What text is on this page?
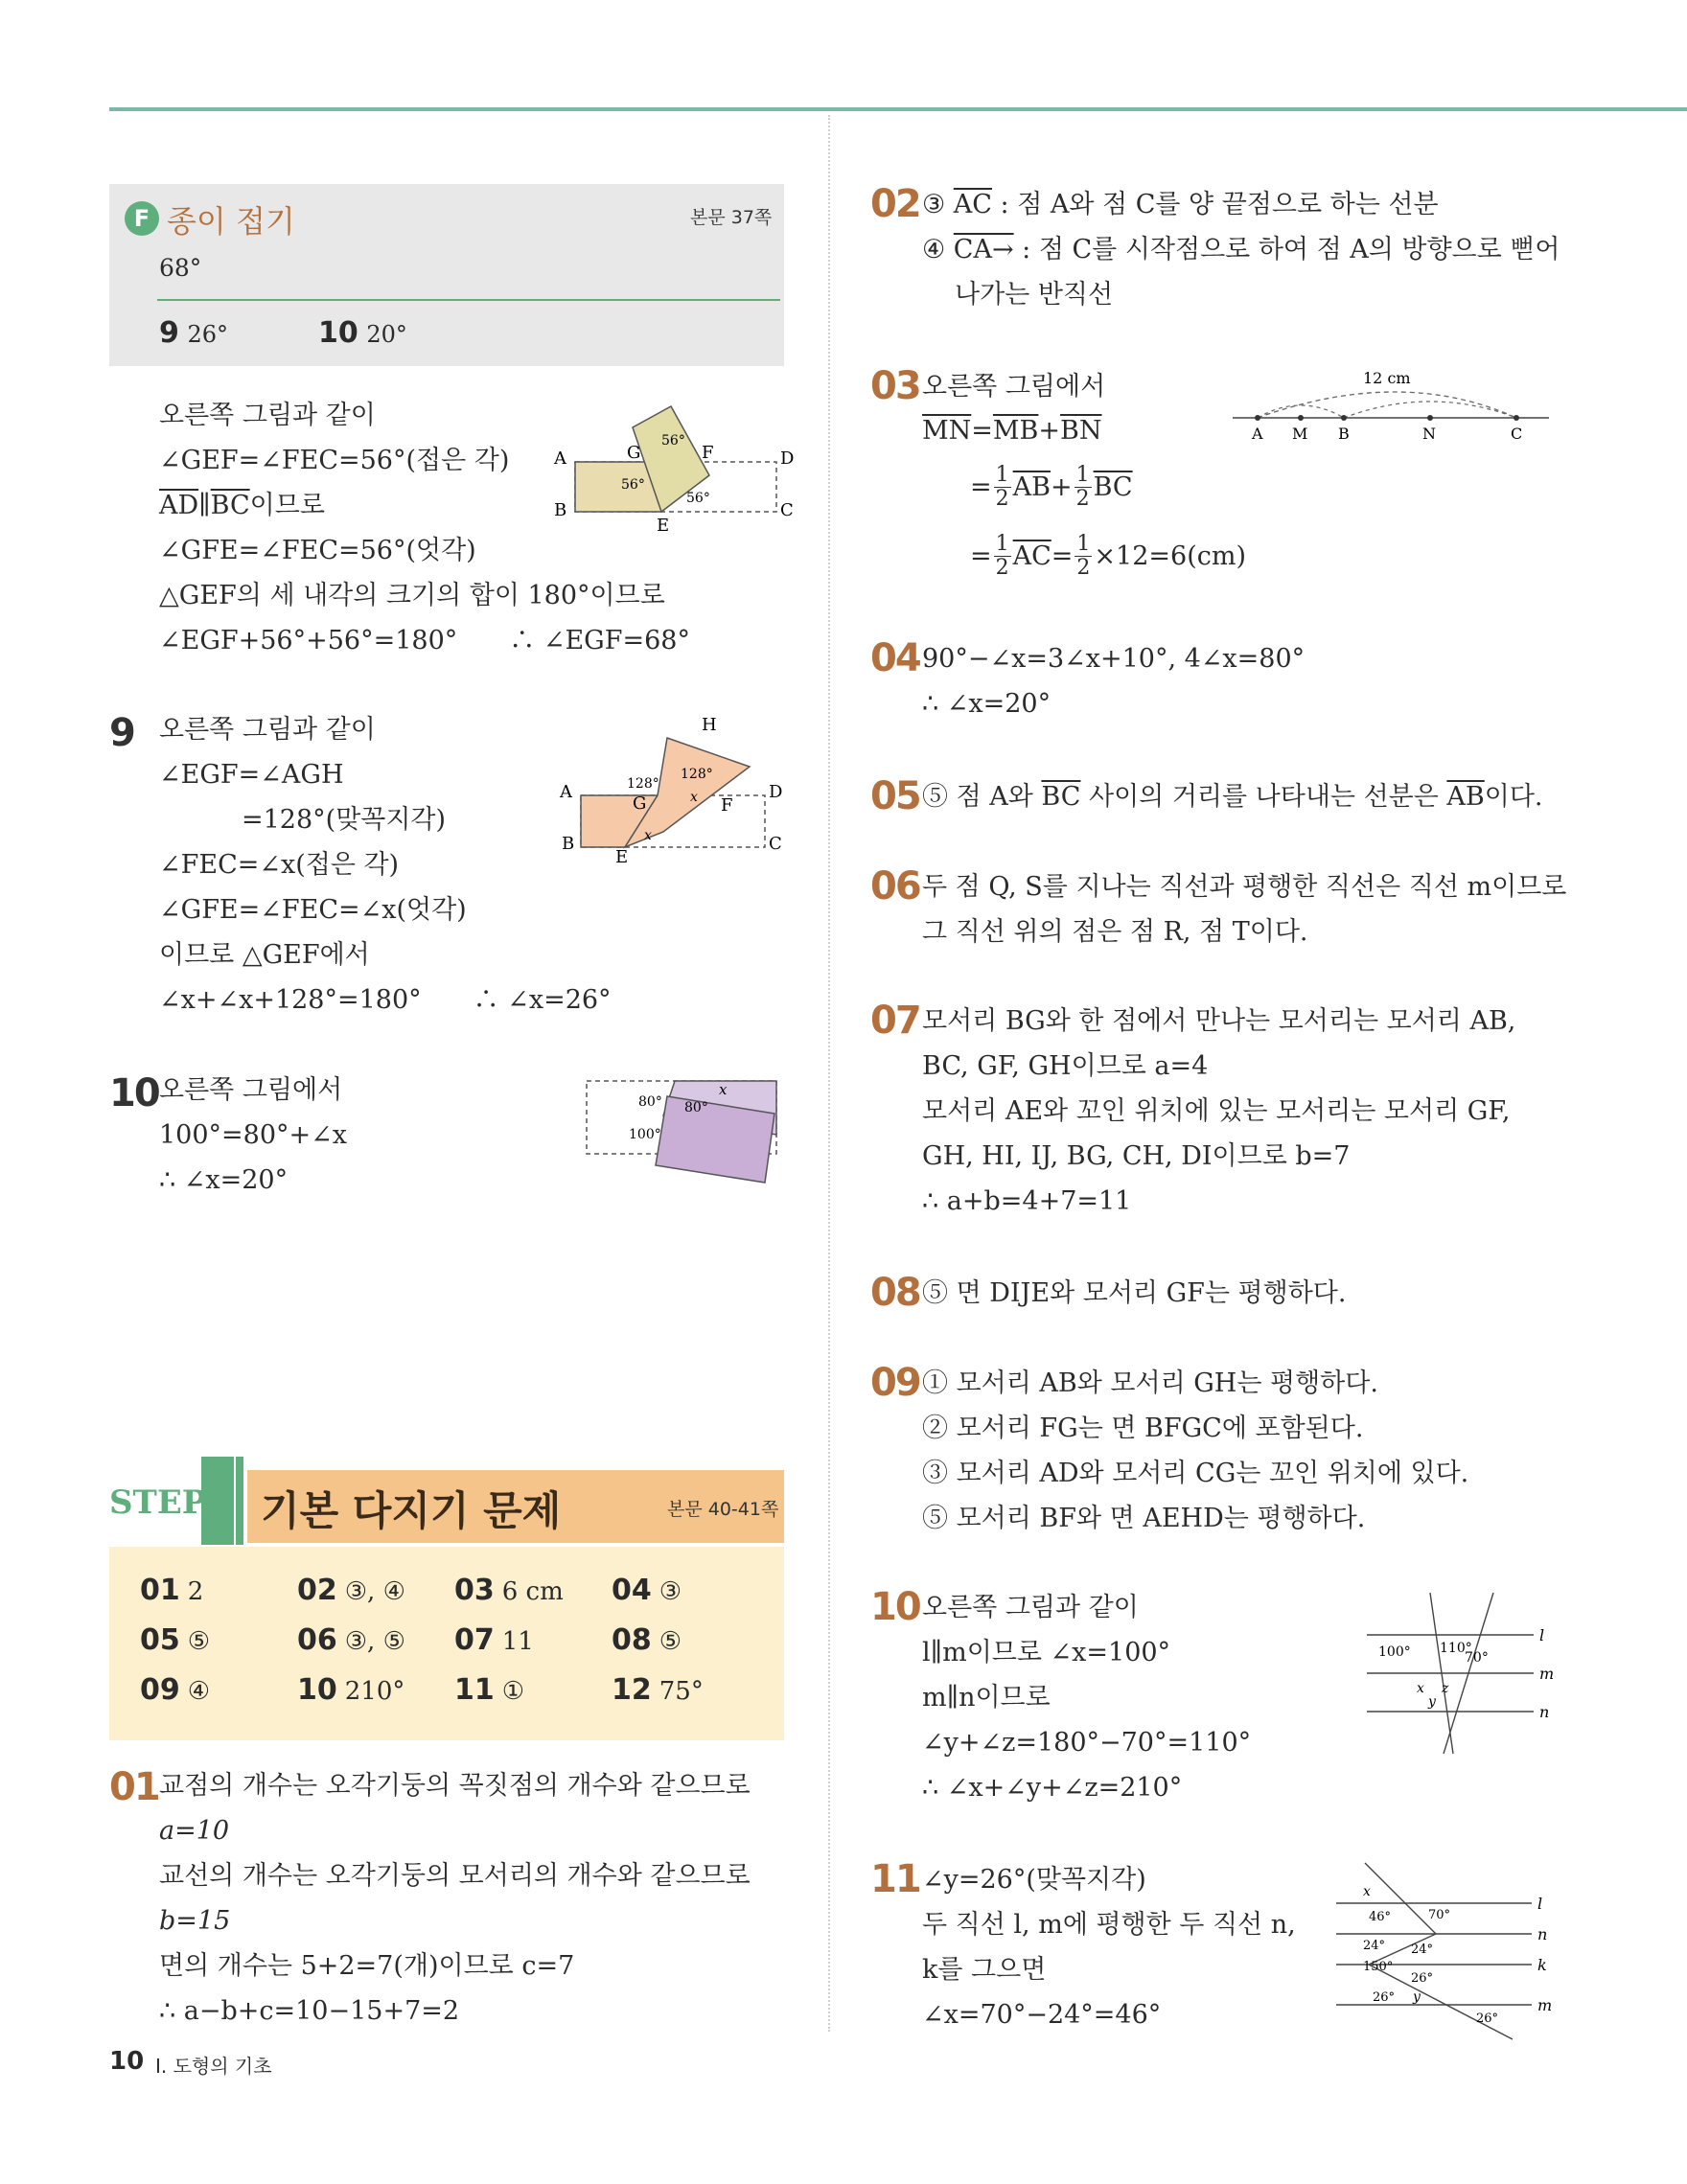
F 종이 접기	본문 37쪽
68°
9 26°	10 20°
오른쪽 그림과 같이
∠GEF=∠FEC=56°(접은 각)
$\overline{AD}\parallel\overline{BC}$이므로
∠GFE=∠FEC=56°(엇각)
△GEF의 세 내각의 크기의 합이 180°이므로
∠EGF+56°+56°=180°　　∴ ∠EGF=68°
A
B	C
D
E
F
G
56°
56°
56°
9 오른쪽 그림과 같이
∠EGF=∠AGH
=128°(맞꼭지각)
∠FEC=∠x(접은 각)
∠GFE=∠FEC=∠x(엇각)
이므로 △GEF에서
∠x+∠x+128°=180°　　∴ ∠x=26°
A
B	C
D
E
F
G
H
128°
128°
x
x
10 오른쪽 그림에서
100°=80°+∠x
∴ ∠x=20°
80° 80°
100°
x
STEP 기본 다지기 문제	본문 40-41쪽
01 2	02 ③, ④ 03 6 cm 04 ③
05 ⑤	06 ③, ⑤ 07 11	08 ⑤
09 ④	10 210° 11 ①	12 75°
01 교점의 개수는 오각기둥의 꼭짓점의 개수와 같으므로
a=10
교선의 개수는 오각기둥의 모서리의 개수와 같으므로
b=15
면의 개수는 5+2=7(개)이므로 c=7
∴ a−b+c=10−15+7=2
10 Ⅰ. 도형의 기초
02 ③ $\overline{AC}$ : 점 A와 점 C를 양 끝점으로 하는 선분
④ CA→ : 점 C를 시작점으로 하여 점 A의 방향으로 뻗어
나가는 반직선
03 오른쪽 그림에서
$\overline{MN}=\overline{MB}+\overline{BN}$
= $\frac{1}{2} \overline{AB} + \frac{1}{2} \overline{BC}$
= $\frac{1}{2} \overline{AC} = \frac{1}{2} \times 12=6(cm)$
12 cm
A M B	N	C
04 90°−∠x=3∠x+10°, 4∠x=80°
∴ ∠x=20°
05 ⑤ 점 A와 $\overline{BC}$ 사이의 거리를 나타내는 선분은 $\overline{AB}$이다.
06 두 점 Q, S를 지나는 직선과 평행한 직선은 직선 m이므로
그 직선 위의 점은 점 R, 점 T이다.
07 모서리 BG와 한 점에서 만나는 모서리는 모서리 AB,
BC, GF, GH이므로 a=4
모서리 AE와 꼬인 위치에 있는 모서리는 모서리 GF,
GH, HI, IJ, BG, CH, DI이므로 b=7
∴ a+b=4+7=11
08 ⑤ 면 DIJE와 모서리 GF는 평행하다.
09 ① 모서리 AB와 모서리 GH는 평행하다.
② 모서리 FG는 면 BFGC에 포함된다.
③ 모서리 AD와 모서리 CG는 꼬인 위치에 있다.
⑤ 모서리 BF와 면 AEHD는 평행하다.
10 오른쪽 그림과 같이
l∥m이므로 ∠x=100°
m∥n이므로
∠y+∠z=180°−70°=110°
∴ ∠x+∠y+∠z=210°
l
m
n
100° 110°
70°
x
y
z
11 ∠y=26°(맞꼭지각)
두 직선 l, m에 평행한 두 직선 n,
k를 그으면
∠x=70°−24°=46°
l
n
k
m
x
70°
46°
24° 24°
150°
26°
26° y
26°
